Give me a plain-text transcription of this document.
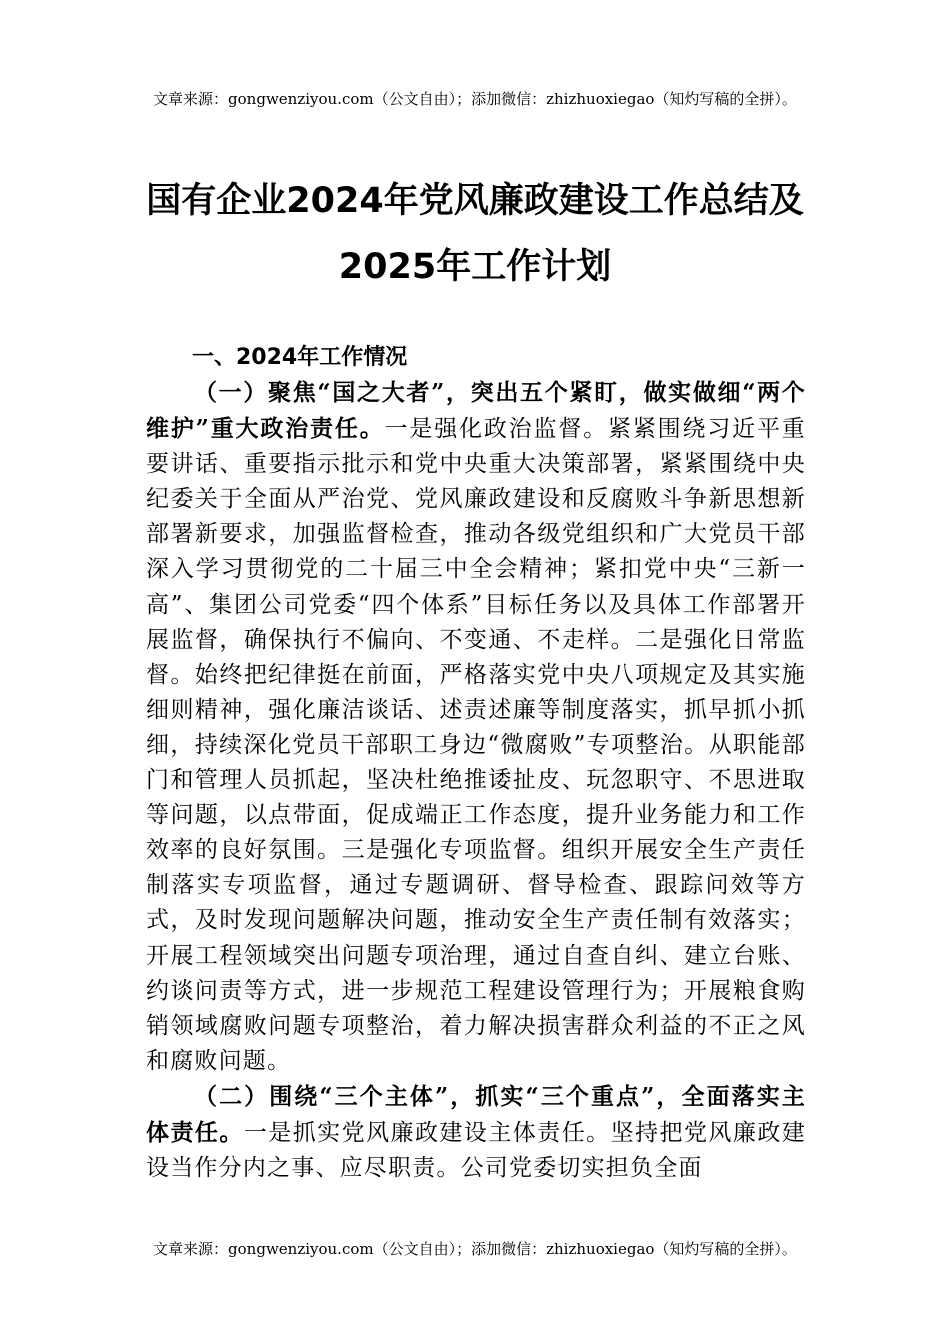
文章来源：gongwenziyou.com（公文自由）；添加微信：zhizhuoxiegao（知灼写稿的全拼）。
国有企业2024年党风廉政建设工作总结及
2025年工作计划

一、2024年工作情况

（一）聚焦“国之大者”，突出五个紧盯，做实做细“两个维护”重大政治责任。一是强化政治监督。紧紧围绕习近平重要讲话、重要指示批示和党中央重大决策部署，紧紧围绕中央纪委关于全面从严治党、党风廉政建设和反腐败斗争新思想新部署新要求，加强监督检查，推动各级党组织和广大党员干部深入学习贯彻党的二十届三中全会精神；紧扣党中央“三新一高”、集团公司党委“四个体系”目标任务以及具体工作部署开展监督，确保执行不偏向、不变通、不走样。二是强化日常监督。始终把纪律挺在前面，严格落实党中央八项规定及其实施细则精神，强化廉洁谈话、述责述廉等制度落实，抓早抓小抓细，持续深化党员干部职工身边“微腐败”专项整治。从职能部门和管理人员抓起，坚决杜绝推诿扯皮、玩忽职守、不思进取等问题，以点带面，促成端正工作态度，提升业务能力和工作效率的良好氛围。三是强化专项监督。组织开展安全生产责任制落实专项监督，通过专题调研、督导检查、跟踪问效等方式，及时发现问题解决问题，推动安全生产责任制有效落实；开展工程领域突出问题专项治理，通过自查自纠、建立台账、约谈问责等方式，进一步规范工程建设管理行为；开展粮食购销领域腐败问题专项整治，着力解决损害群众利益的不正之风和腐败问题。

（二）围绕“三个主体”，抓实“三个重点”，全面落实主体责任。一是抓实党风廉政建设主体责任。坚持把党风廉政建设当作分内之事、应尽职责。公司党委切实担负全面

文章来源：gongwenziyou.com（公文自由）；添加微信：zhizhuoxiegao（知灼写稿的全拼）。
